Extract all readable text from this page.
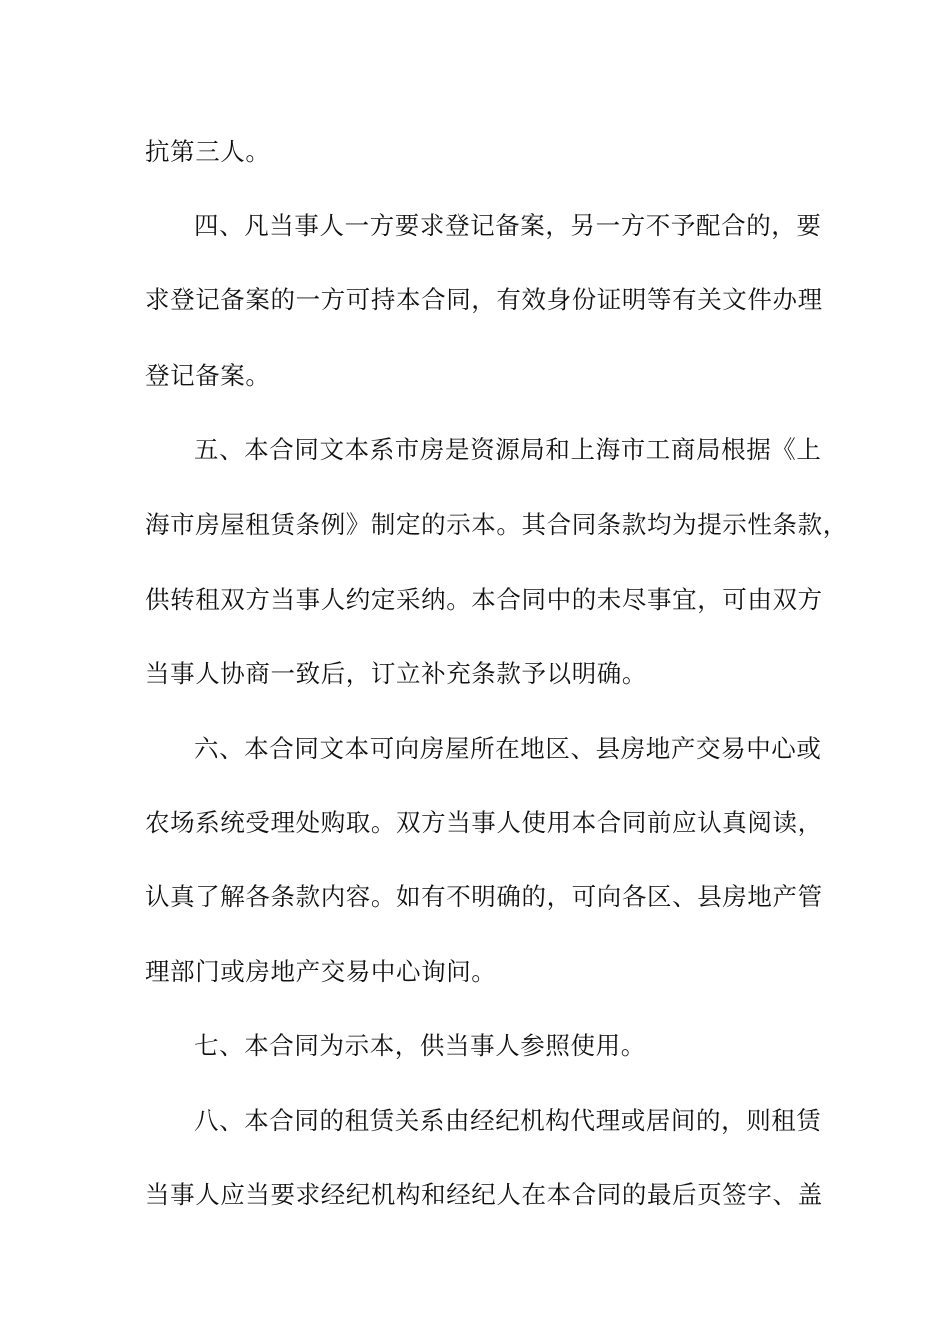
抗第三人。
四、凡当事人一方要求登记备案，另一方不予配合的，要
求登记备案的一方可持本合同，有效身份证明等有关文件办理
登记备案。
五、本合同文本系市房是资源局和上海市工商局根据《上
海市房屋租赁条例》制定的示本。其合同条款均为提示性条款，
供转租双方当事人约定采纳。本合同中的未尽事宜，可由双方
当事人协商一致后，订立补充条款予以明确。
六、本合同文本可向房屋所在地区、县房地产交易中心或
农场系统受理处购取。双方当事人使用本合同前应认真阅读，
认真了解各条款内容。如有不明确的，可向各区、县房地产管
理部门或房地产交易中心询问。
七、本合同为示本，供当事人参照使用。
八、本合同的租赁关系由经纪机构代理或居间的，则租赁
当事人应当要求经纪机构和经纪人在本合同的最后页签字、盖
